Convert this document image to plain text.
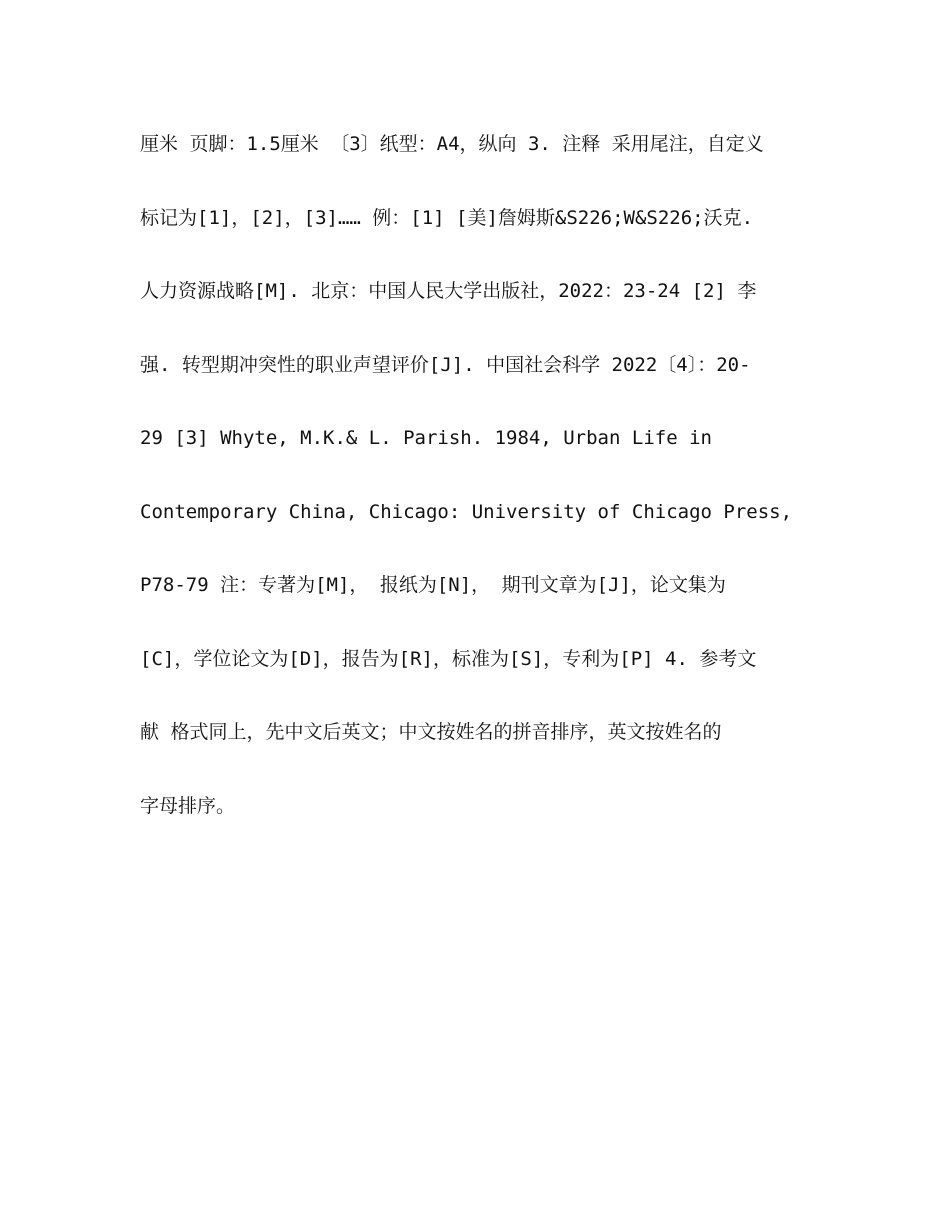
厘米 页脚：1.5厘米 〔3〕纸型：A4，纵向 3. 注释 采用尾注，自定义
标记为[1]，[2]，[3]…… 例：[1] [美]詹姆斯&S226;W&S226;沃克.
人力资源战略[M]. 北京：中国人民大学出版社，2022：23-24 [2] 李
强. 转型期冲突性的职业声望评价[J]. 中国社会科学 2022〔4〕：20-
29 [3] Whyte, M.K.& L. Parish. 1984, Urban Life in
Contemporary China, Chicago: University of Chicago Press,
P78-79 注：专著为[M]， 报纸为[N]， 期刊文章为[J]，论文集为
[C]，学位论文为[D]，报告为[R]，标准为[S]，专利为[P] 4. 参考文
献 格式同上，先中文后英文；中文按姓名的拼音排序，英文按姓名的
字母排序。
